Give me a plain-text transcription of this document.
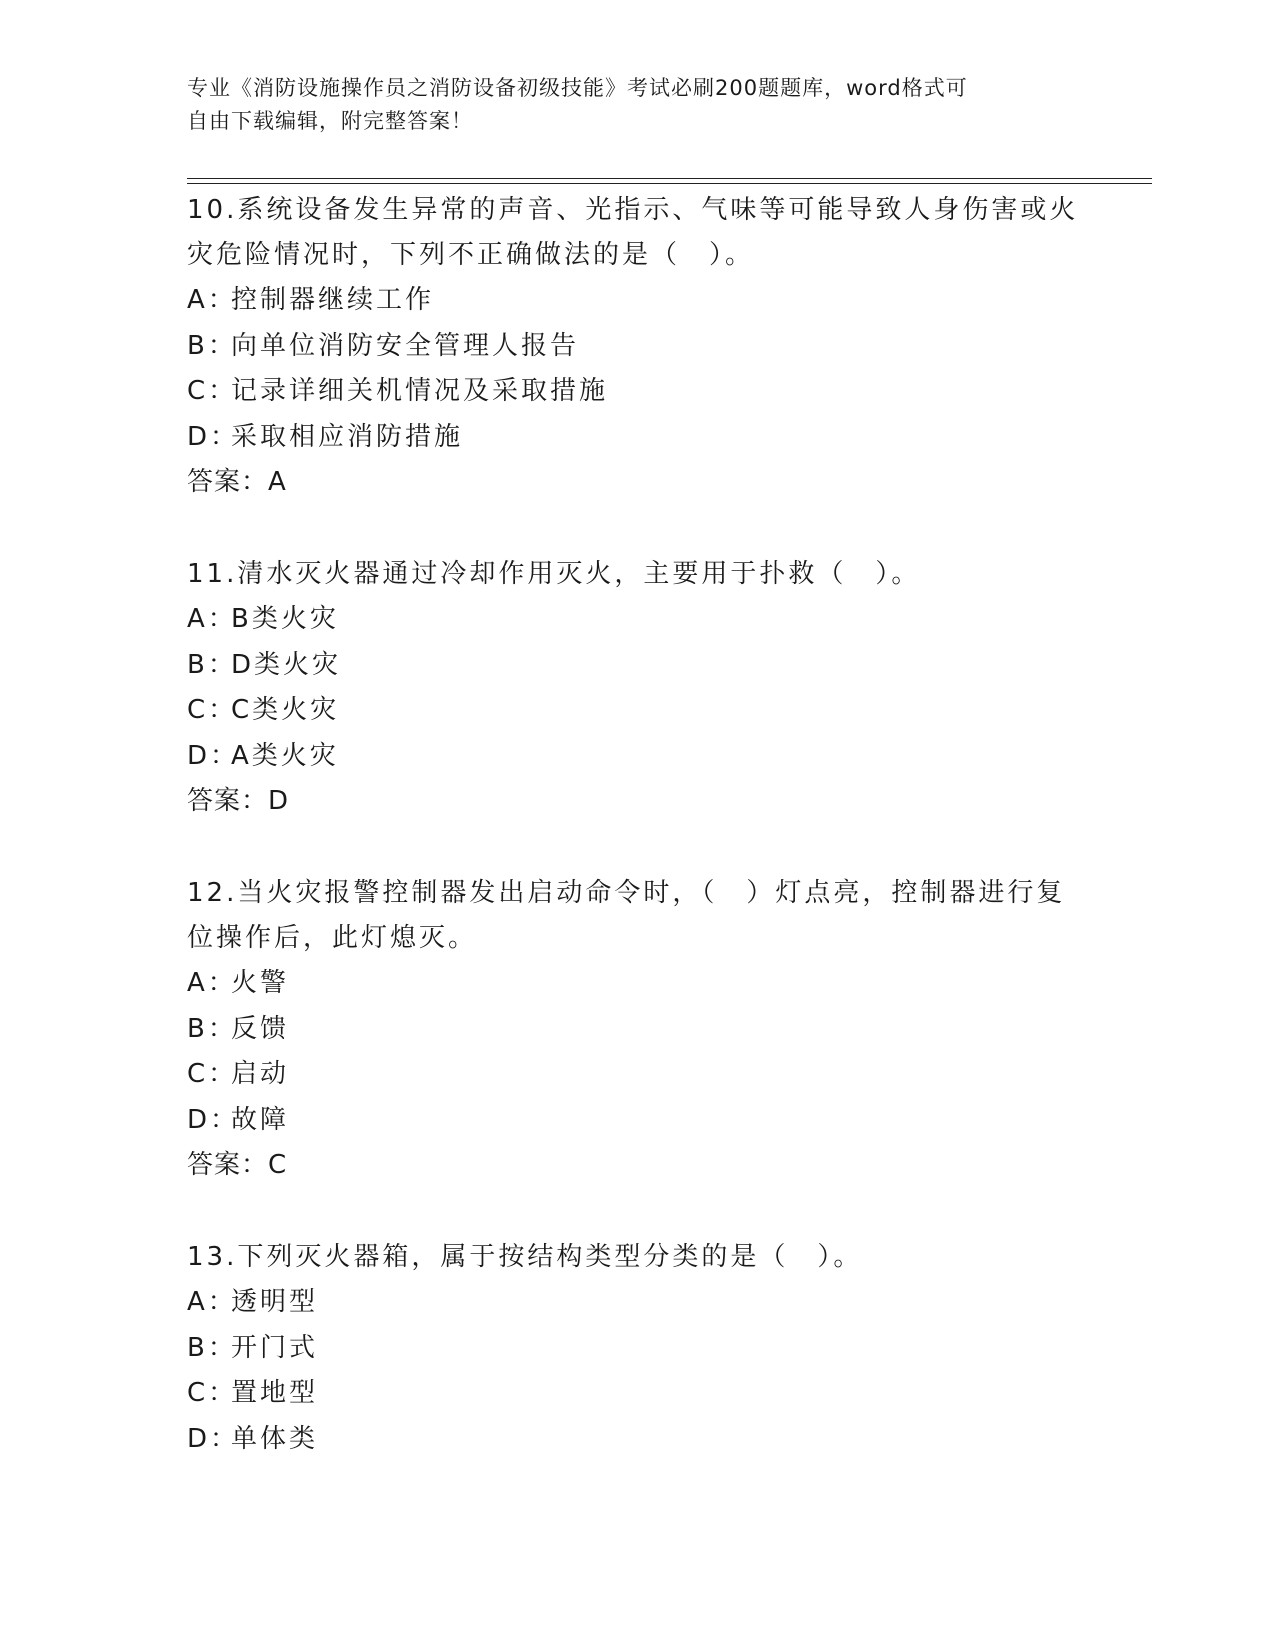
专业《消防设施操作员之消防设备初级技能》考试必刷200题题库，word格式可
自由下载编辑，附完整答案！

10.系统设备发生异常的声音、光指示、气味等可能导致人身伤害或火

灾危险情况时，下列不正确做法的是（　）。

A：控制器继续工作

B：向单位消防安全管理人报告

C：记录详细关机情况及采取措施

D：采取相应消防措施

答案：A

11.清水灭火器通过冷却作用灭火，主要用于扑救（　）。

A：B类火灾

B：D类火灾

C：C类火灾

D：A类火灾

答案：D

12.当火灾报警控制器发出启动命令时，（　）灯点亮，控制器进行复

位操作后，此灯熄灭。

A：火警

B：反馈

C：启动

D：故障

答案：C

13.下列灭火器箱，属于按结构类型分类的是（　）。

A：透明型

B：开门式

C：置地型

D：单体类
